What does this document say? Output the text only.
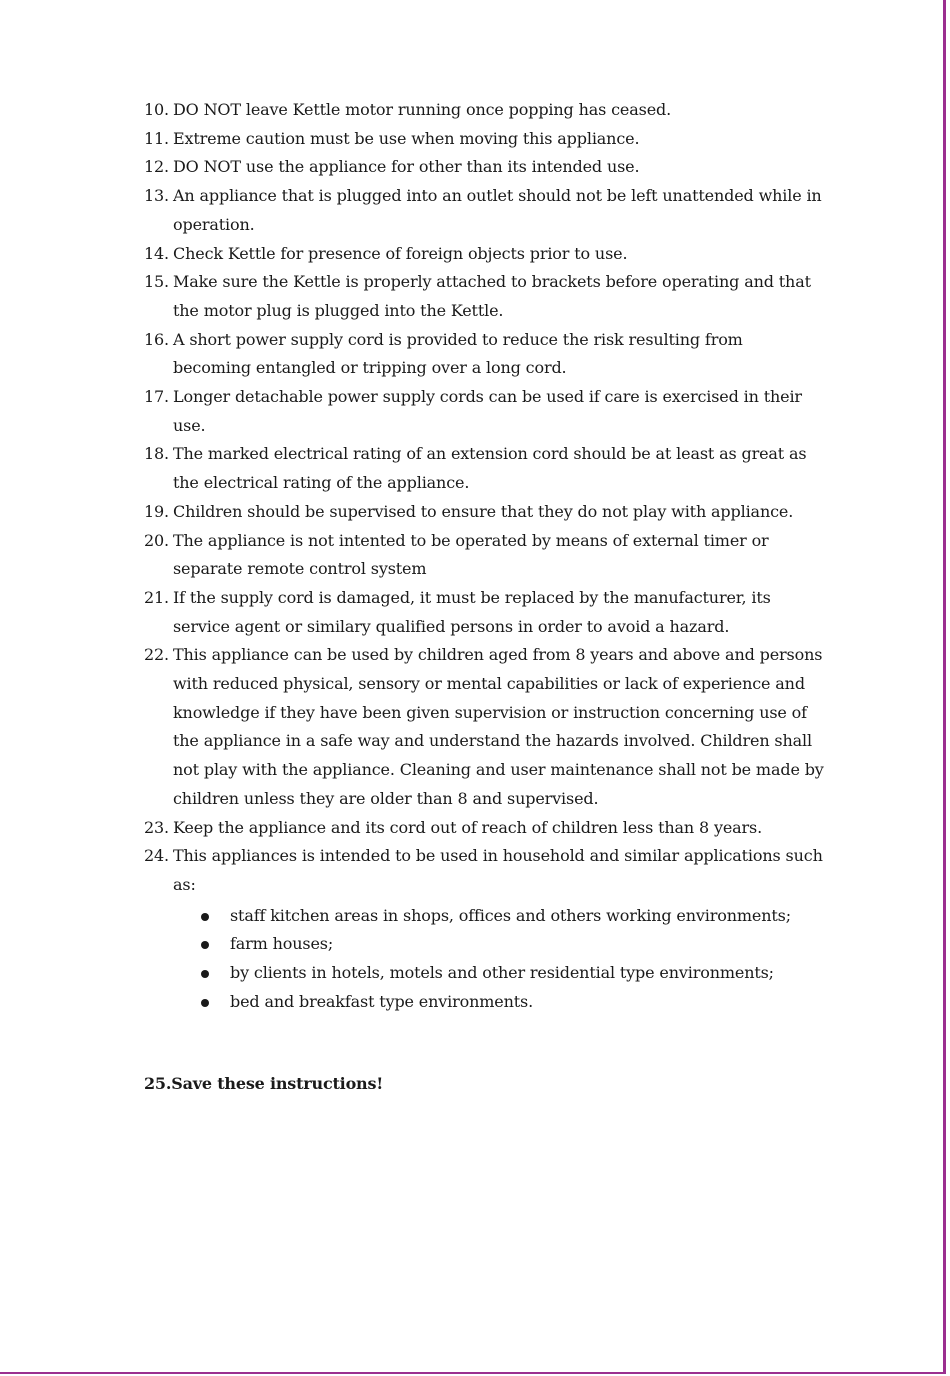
10. DO NOT leave Kettle motor running once popping has ceased.
11. Extreme caution must be use when moving this appliance.
12. DO NOT use the appliance for other than its intended use.
13. An appliance that is plugged into an outlet should not be left unattended while in operation.
14. Check Kettle for presence of foreign objects prior to use.
15. Make sure the Kettle is properly attached to brackets before operating and that the motor plug is plugged into the Kettle.
16. A short power supply cord is provided to reduce the risk resulting from becoming entangled or tripping over a long cord.
17. Longer detachable power supply cords can be used if care is exercised in their use.
18. The marked electrical rating of an extension cord should be at least as great as the electrical rating of the appliance.
19. Children should be supervised to ensure that they do not play with appliance.
20. The appliance is not intented to be operated by means of external timer or separate remote control system
21. If the supply cord is damaged, it must be replaced by the manufacturer, its service agent or similary qualified persons in order to avoid a hazard.
22. This appliance can be used by children aged from 8 years and above and persons with reduced physical, sensory or mental capabilities or lack of experience and knowledge if they have been given supervision or instruction concerning use of the appliance in a safe way and understand the hazards involved. Children shall not play with the appliance. Cleaning and user maintenance shall not be made by children unless they are older than 8 and supervised.
23. Keep the appliance and its cord out of reach of children less than 8 years.
24. This appliances is intended to be used in household and similar applications such as:
staff kitchen areas in shops, offices and others working environments;
farm houses;
by clients in hotels, motels and other residential type environments;
bed and breakfast type environments.
25.Save these instructions!
